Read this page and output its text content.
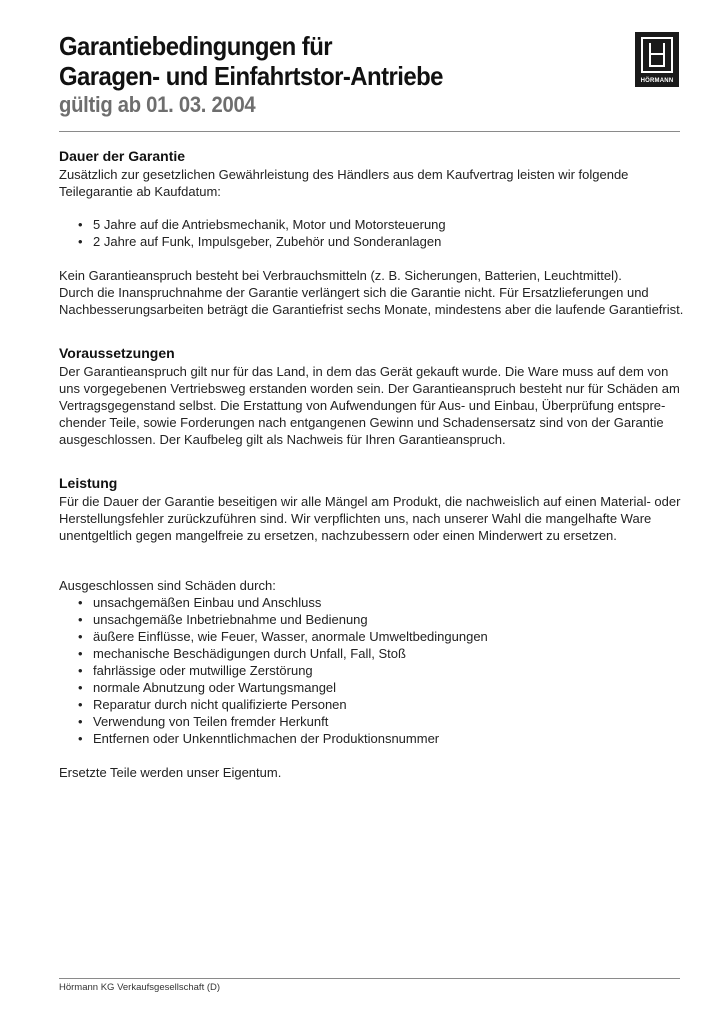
Garantiebedingungen für
Garagen- und Einfahrtstor-Antriebe
gültig ab 01. 03. 2004
HÖRMANN
Dauer der Garantie

Zusätzlich zur gesetzlichen Gewährleistung des Händlers aus dem Kaufvertrag leisten wir folgende

Teilegarantie ab Kaufdatum:

• 5 Jahre auf die Antriebsmechanik, Motor und Motorsteuerung
• 2 Jahre auf Funk, Impulsgeber, Zubehör und Sonderanlagen

Kein Garantieanspruch besteht bei Verbrauchsmitteln (z. B. Sicherungen, Batterien, Leuchtmittel).

Durch die Inanspruchnahme der Garantie verlängert sich die Garantie nicht. Für Ersatzlieferungen und

Nachbesserungsarbeiten beträgt die Garantiefrist sechs Monate, mindestens aber die laufende Garantiefrist.

Voraussetzungen

Der Garantieanspruch gilt nur für das Land, in dem das Gerät gekauft wurde. Die Ware muss auf dem von

uns vorgegebenen Vertriebsweg erstanden worden sein. Der Garantieanspruch besteht nur für Schäden am

Vertragsgegenstand selbst. Die Erstattung von Aufwendungen für Aus- und Einbau, Überprüfung entspre-

chender Teile, sowie Forderungen nach entgangenen Gewinn und Schadensersatz sind von der Garantie

ausgeschlossen. Der Kaufbeleg gilt als Nachweis für Ihren Garantieanspruch.

Leistung

Für die Dauer der Garantie beseitigen wir alle Mängel am Produkt, die nachweislich auf einen Material- oder

Herstellungsfehler zurückzuführen sind. Wir verpflichten uns, nach unserer Wahl die mangelhafte Ware

unentgeltlich gegen mangelfreie zu ersetzen, nachzubessern oder einen Minderwert zu ersetzen.

Ausgeschlossen sind Schäden durch:

• unsachgemäßen Einbau und Anschluss
• unsachgemäße Inbetriebnahme und Bedienung
• äußere Einflüsse, wie Feuer, Wasser, anormale Umweltbedingungen
• mechanische Beschädigungen durch Unfall, Fall, Stoß
• fahrlässige oder mutwillige Zerstörung
• normale Abnutzung oder Wartungsmangel
• Reparatur durch nicht qualifizierte Personen
• Verwendung von Teilen fremder Herkunft
• Entfernen oder Unkenntlichmachen der Produktionsnummer

Ersetzte Teile werden unser Eigentum.

Hörmann KG Verkaufsgesellschaft (D)
